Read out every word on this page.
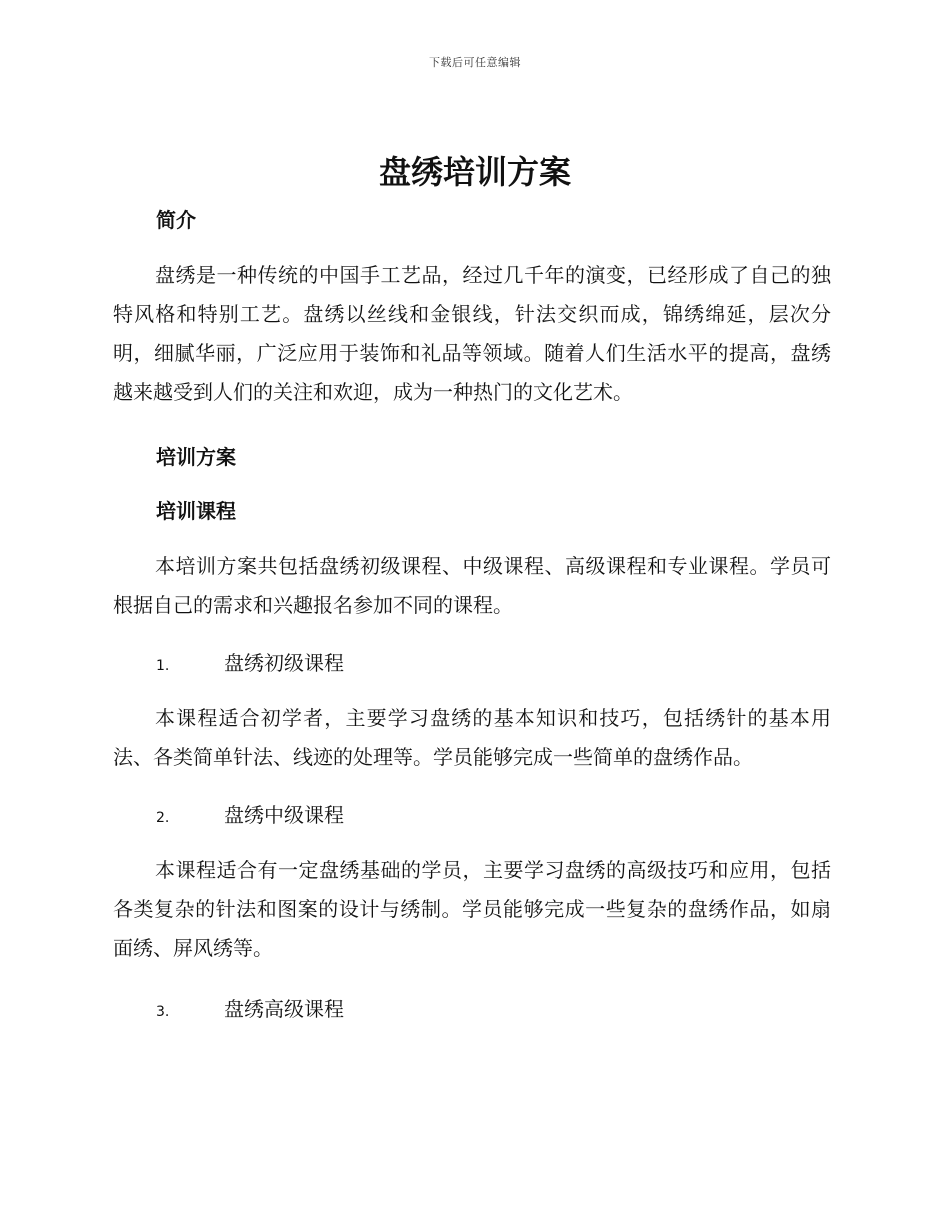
下载后可任意编辑
盘绣培训方案
简介

盘绣是一种传统的中国手工艺品，经过几千年的演变，已经形成了自己的独特风格和特别工艺。盘绣以丝线和金银线，针法交织而成，锦绣绵延，层次分明，细腻华丽，广泛应用于装饰和礼品等领域。随着人们生活水平的提高，盘绣越来越受到人们的关注和欢迎，成为一种热门的文化艺术。

培训方案
培训课程

本培训方案共包括盘绣初级课程、中级课程、高级课程和专业课程。学员可根据自己的需求和兴趣报名参加不同的课程。

1.	盘绣初级课程

本课程适合初学者，主要学习盘绣的基本知识和技巧，包括绣针的基本用法、各类简单针法、线迹的处理等。学员能够完成一些简单的盘绣作品。

2.	盘绣中级课程

本课程适合有一定盘绣基础的学员，主要学习盘绣的高级技巧和应用，包括各类复杂的针法和图案的设计与绣制。学员能够完成一些复杂的盘绣作品，如扇面绣、屏风绣等。

3.	盘绣高级课程
